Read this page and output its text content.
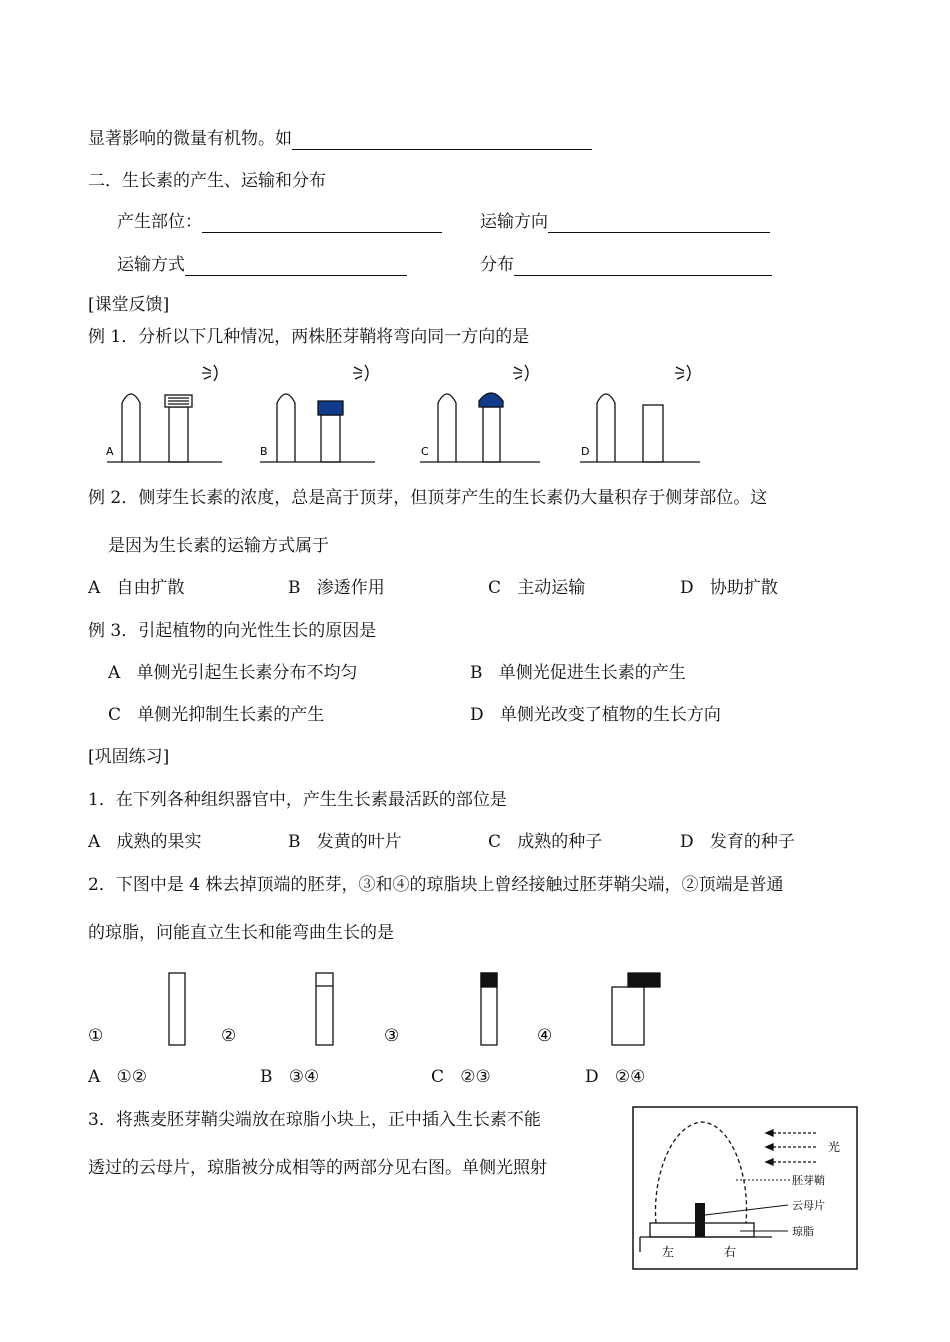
显著影响的微量有机物。如
二．生长素的产生、运输和分布
产生部位：	运输方向
运输方式	分布
[课堂反馈]
例 1．分析以下几种情况，两株胚芽鞘将弯向同一方向的是
A	B	C	D
例 2．侧芽生长素的浓度，总是高于顶芽，但顶芽产生的生长素仍大量积存于侧芽部位。这
是因为生长素的运输方式属于
A 自由扩散	B 渗透作用	C 主动运输	D 协助扩散
例 3．引起植物的向光性生长的原因是
A 单侧光引起生长素分布不均匀	B 单侧光促进生长素的产生
C 单侧光抑制生长素的产生	D 单侧光改变了植物的生长方向
[巩固练习]
1．在下列各种组织器官中，产生生长素最活跃的部位是
A 成熟的果实	B 发黄的叶片	C 成熟的种子	D 发育的种子
2．下图中是 4 株去掉顶端的胚芽，③和④的琼脂块上曾经接触过胚芽鞘尖端，②顶端是普通
的琼脂，问能直立生长和能弯曲生长的是
①	②	③	④
A ①②	B ③④	C ②③	D ②④
3．将燕麦胚芽鞘尖端放在琼脂小块上，正中插入生长素不能
透过的云母片，琼脂被分成相等的两部分见右图。单侧光照射
光
胚芽鞘
云母片
琼脂
左	右
